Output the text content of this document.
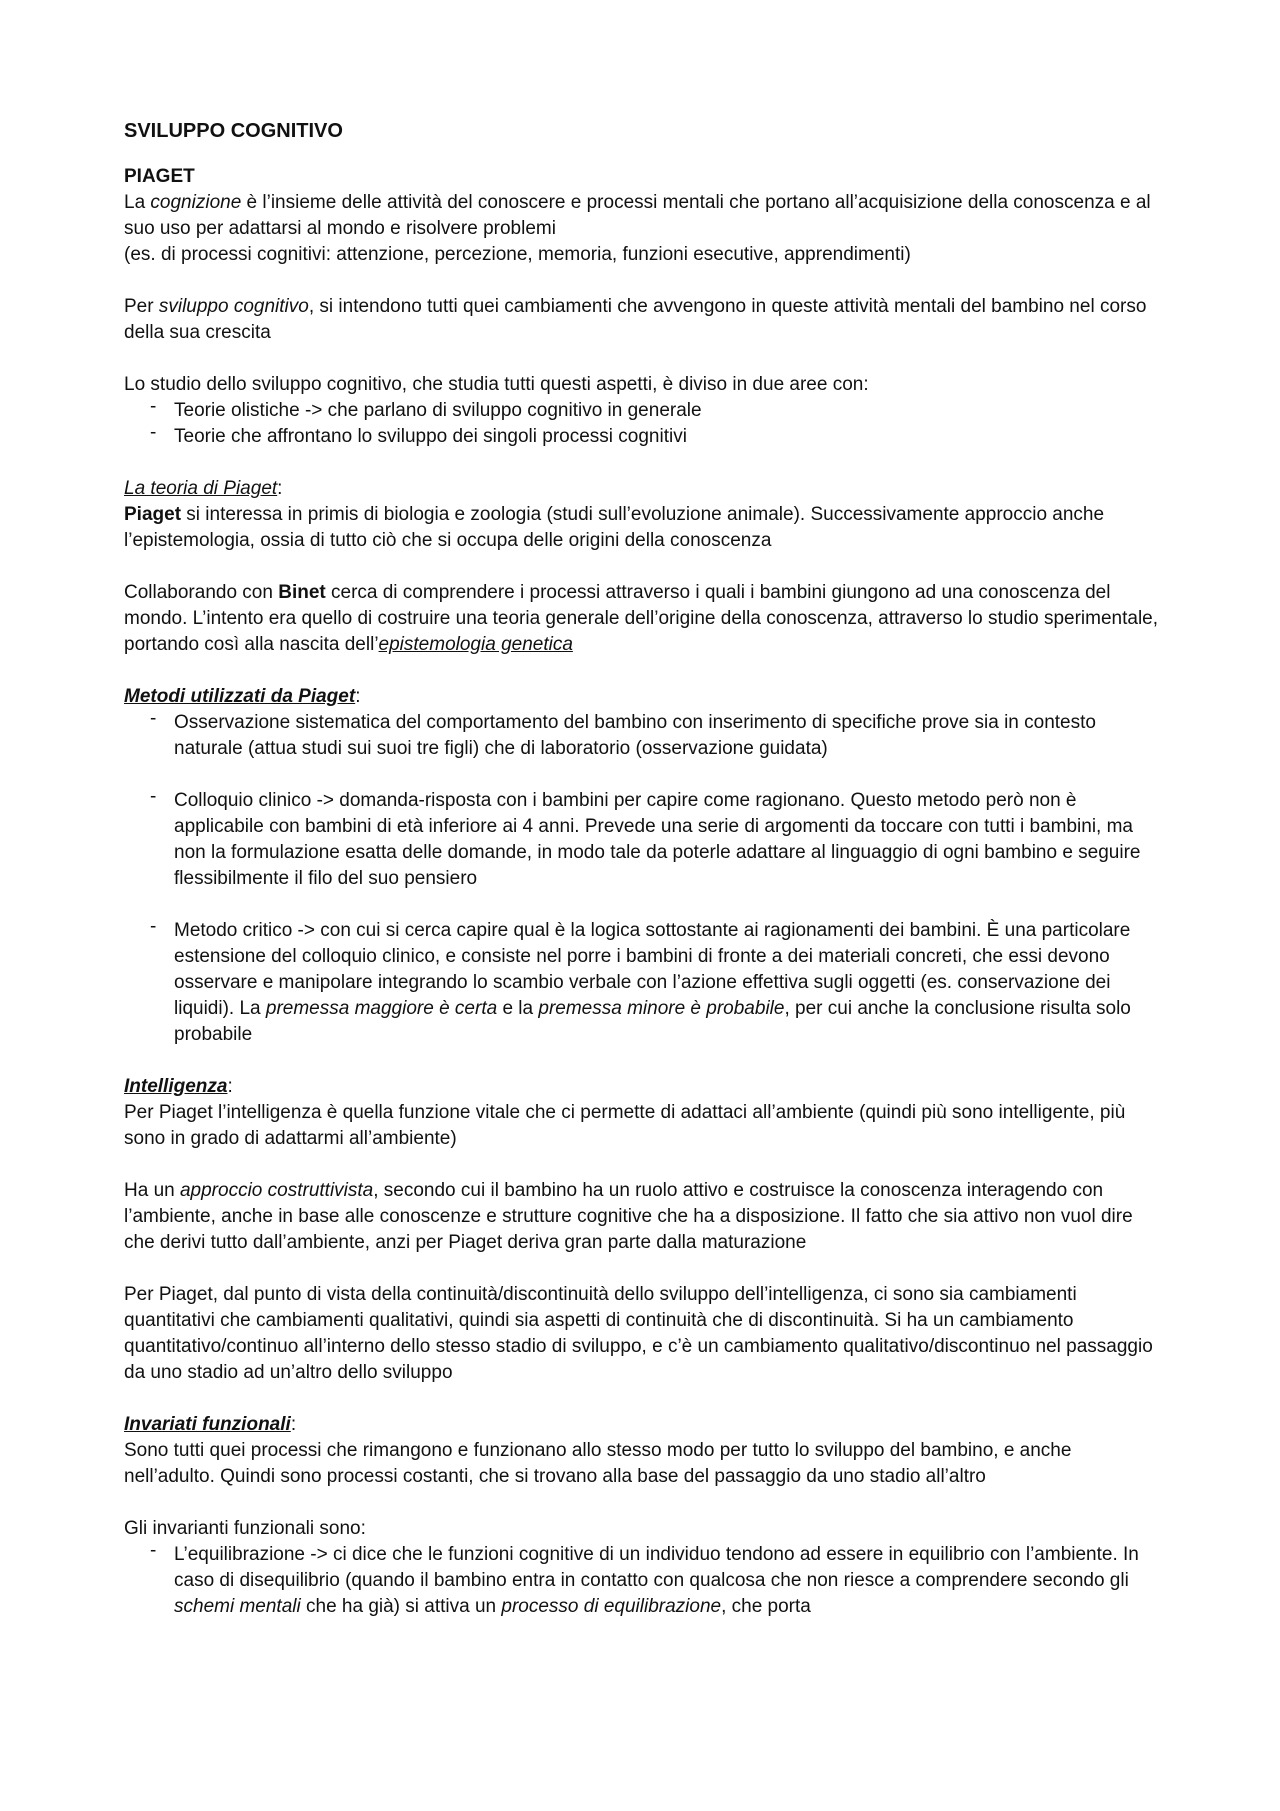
SVILUPPO COGNITIVO
PIAGET
La cognizione è l’insieme delle attività del conoscere e processi mentali che portano all’acquisizione della conoscenza e al suo uso per adattarsi al mondo e risolvere problemi
(es. di processi cognitivi: attenzione, percezione, memoria, funzioni esecutive, apprendimenti)
Per sviluppo cognitivo, si intendono tutti quei cambiamenti che avvengono in queste attività mentali del bambino nel corso della sua crescita
Lo studio dello sviluppo cognitivo, che studia tutti questi aspetti, è diviso in due aree con:
- Teorie olistiche -> che parlano di sviluppo cognitivo in generale
- Teorie che affrontano lo sviluppo dei singoli processi cognitivi
La teoria di Piaget:
Piaget si interessa in primis di biologia e zoologia (studi sull’evoluzione animale). Successivamente approccio anche l’epistemologia, ossia di tutto ciò che si occupa delle origini della conoscenza
Collaborando con Binet cerca di comprendere i processi attraverso i quali i bambini giungono ad una conoscenza del mondo. L’intento era quello di costruire una teoria generale dell’origine della conoscenza, attraverso lo studio sperimentale, portando così alla nascita dell’epistemologia genetica
Metodi utilizzati da Piaget:
- Osservazione sistematica del comportamento del bambino con inserimento di specifiche prove sia in contesto naturale (attua studi sui suoi tre figli) che di laboratorio (osservazione guidata)
- Colloquio clinico -> domanda-risposta con i bambini per capire come ragionano. Questo metodo però non è applicabile con bambini di età inferiore ai 4 anni. Prevede una serie di argomenti da toccare con tutti i bambini, ma non la formulazione esatta delle domande, in modo tale da poterle adattare al linguaggio di ogni bambino e seguire flessibilmente il filo del suo pensiero
- Metodo critico -> con cui si cerca capire qual è la logica sottostante ai ragionamenti dei bambini. È una particolare estensione del colloquio clinico, e consiste nel porre i bambini di fronte a dei materiali concreti, che essi devono osservare e manipolare integrando lo scambio verbale con l’azione effettiva sugli oggetti (es. conservazione dei liquidi). La premessa maggiore è certa e la premessa minore è probabile, per cui anche la conclusione risulta solo probabile
Intelligenza:
Per Piaget l’intelligenza è quella funzione vitale che ci permette di adattaci all’ambiente (quindi più sono intelligente, più sono in grado di adattarmi all’ambiente)
Ha un approccio costruttivista, secondo cui il bambino ha un ruolo attivo e costruisce la conoscenza interagendo con l’ambiente, anche in base alle conoscenze e strutture cognitive che ha a disposizione. Il fatto che sia attivo non vuol dire che derivi tutto dall’ambiente, anzi per Piaget deriva gran parte dalla maturazione
Per Piaget, dal punto di vista della continuità/discontinuità dello sviluppo dell’intelligenza, ci sono sia cambiamenti quantitativi che cambiamenti qualitativi, quindi sia aspetti di continuità che di discontinuità. Si ha un cambiamento quantitativo/continuo all’interno dello stesso stadio di sviluppo, e c’è un cambiamento qualitativo/discontinuo nel passaggio da uno stadio ad un’altro dello sviluppo
Invariati funzionali:
Sono tutti quei processi che rimangono e funzionano allo stesso modo per tutto lo sviluppo del bambino, e anche nell’adulto. Quindi sono processi costanti, che si trovano alla base del passaggio da uno stadio all’altro
Gli invarianti funzionali sono:
- L’equilibrazione -> ci dice che le funzioni cognitive di un individuo tendono ad essere in equilibrio con l’ambiente. In caso di disequilibrio (quando il bambino entra in contatto con qualcosa che non riesce a comprendere secondo gli schemi mentali che ha già) si attiva un processo di equilibrazione, che porta
